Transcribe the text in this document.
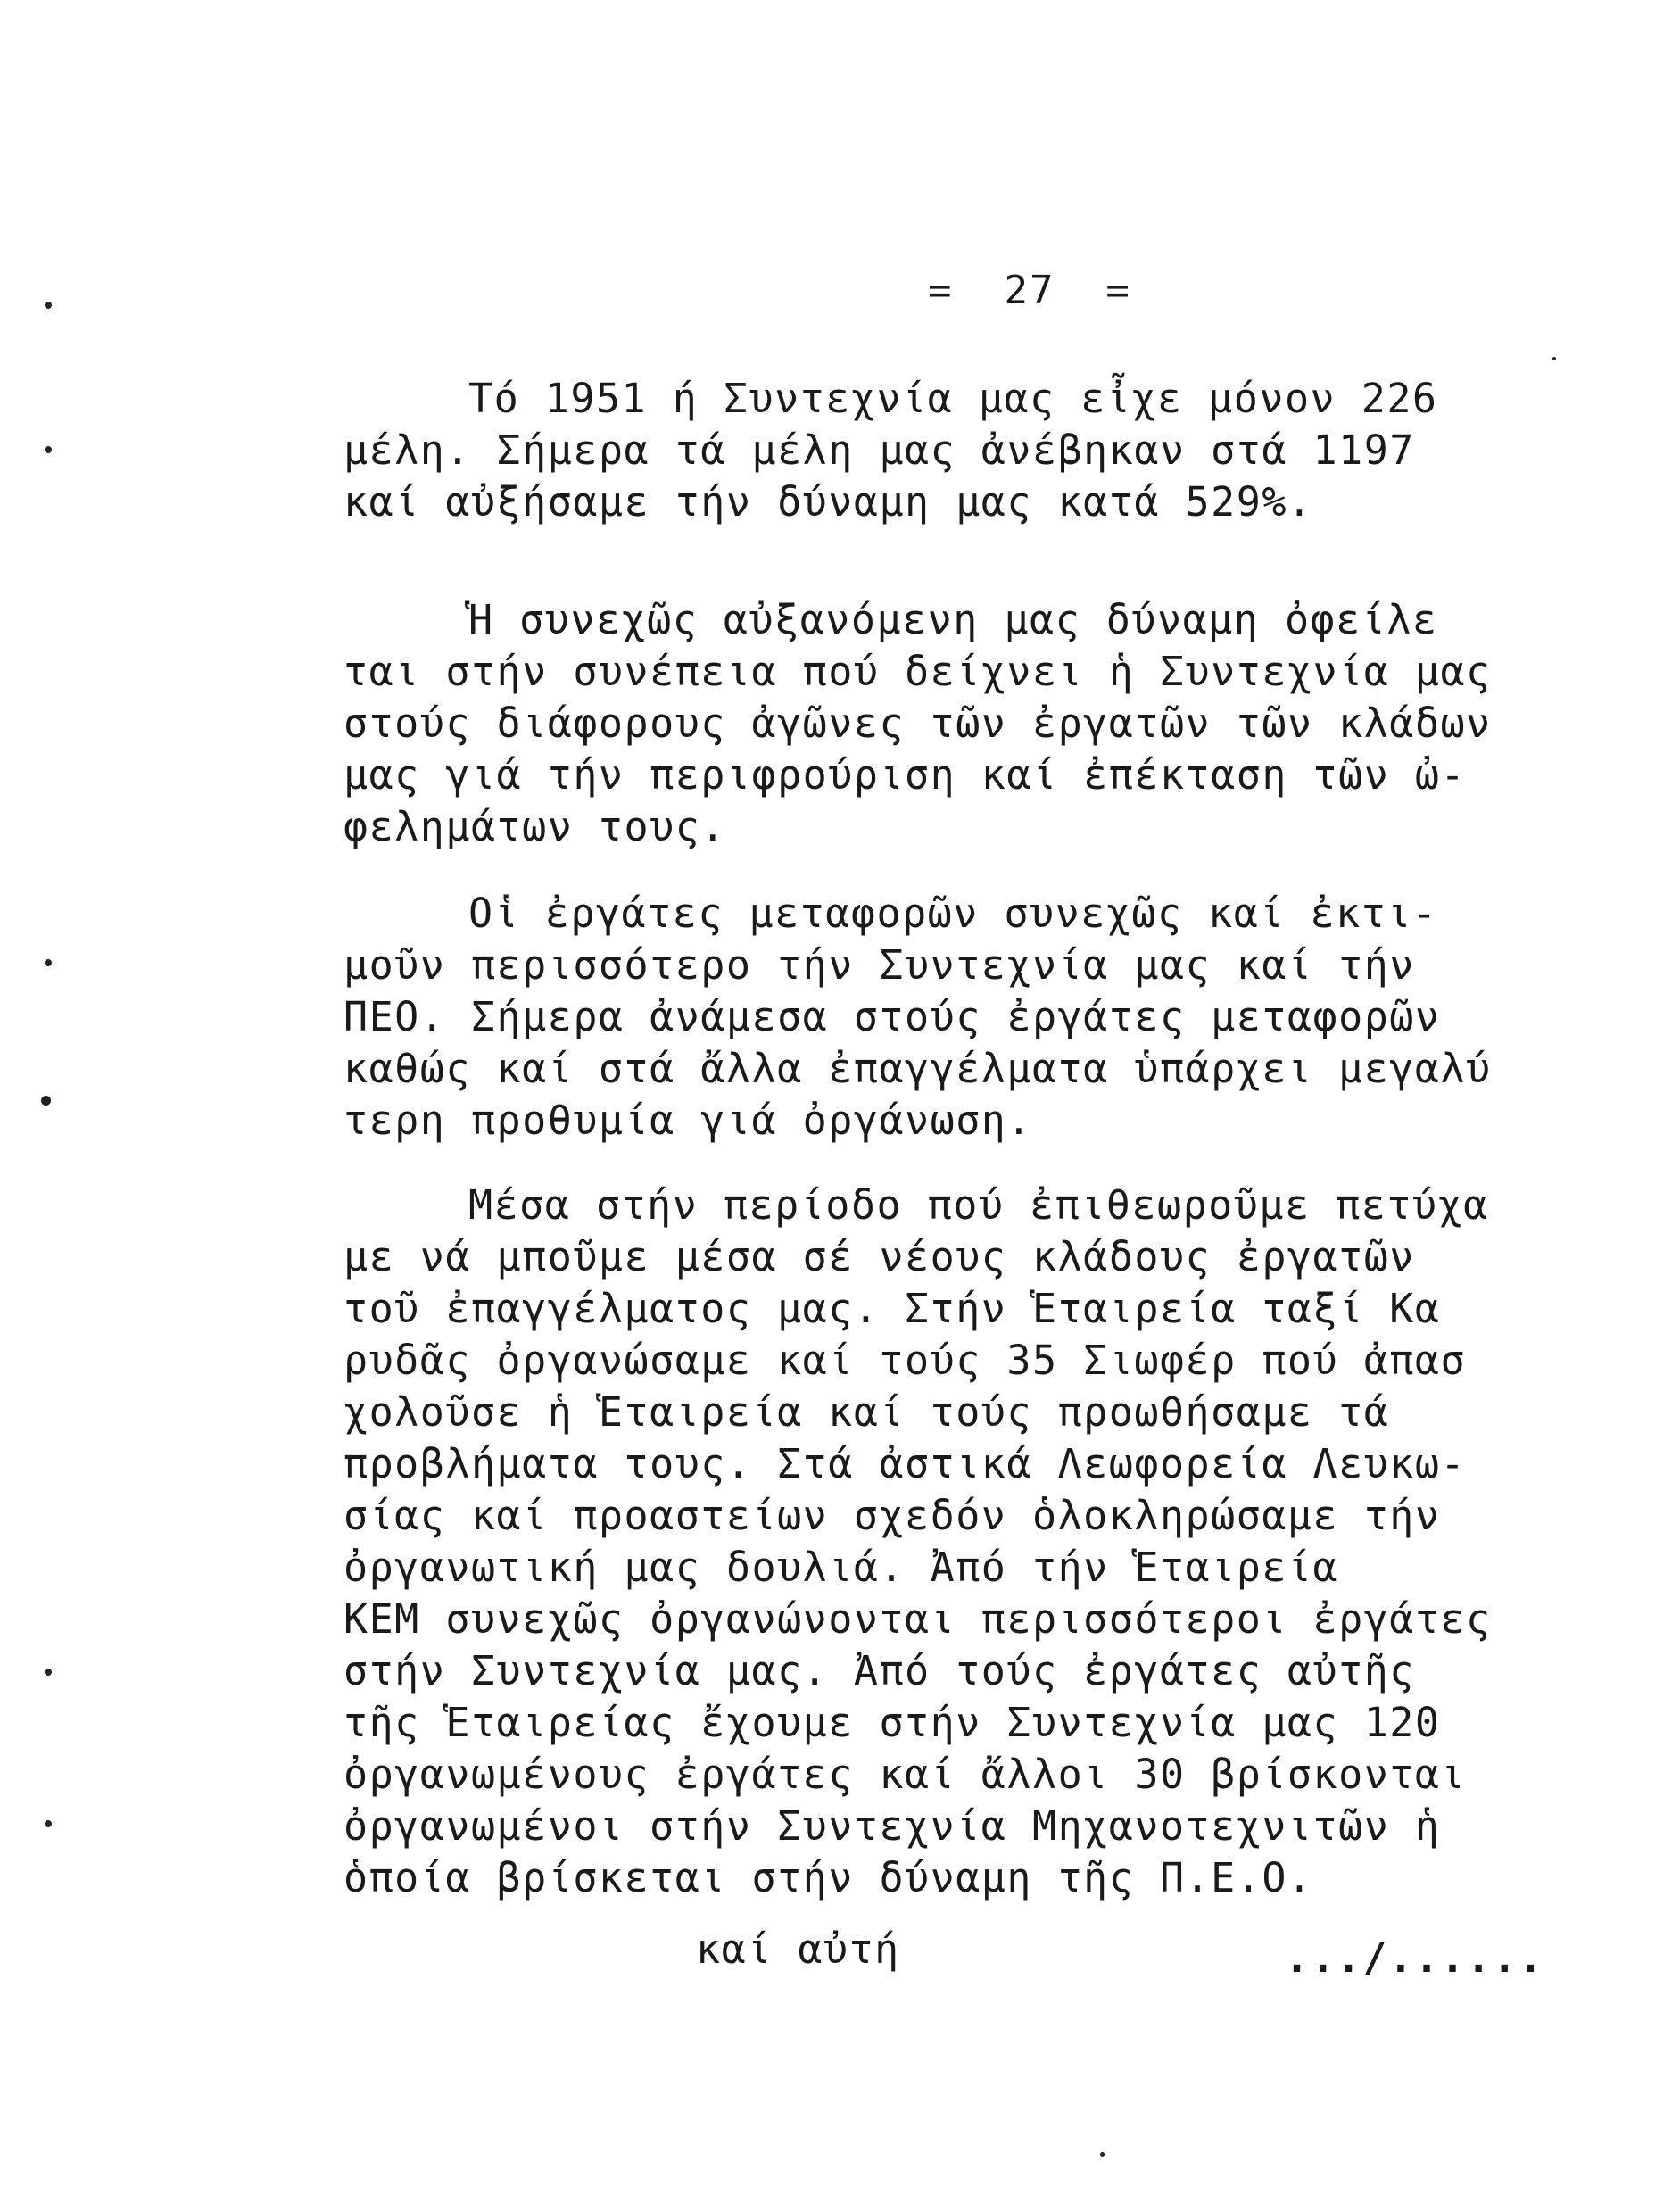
=  27  =
Τό 1951 ή Συντεχνία μας εἶχε μόνον 226
μέλη. Σήμερα τά μέλη μας ἀνέβηκαν στά 1197
καί αὐξήσαμε τήν δύναμη μας κατά 529%.
Ἡ συνεχῶς αὐξανόμενη μας δύναμη ὀφείλε
ται στήν συνέπεια πού δείχνει ἡ Συντεχνία μας
στούς διάφορους ἀγῶνες τῶν ἐργατῶν τῶν κλάδων
μας γιά τήν περιφρούριση καί ἐπέκταση τῶν ὠ-
φελημάτων τους.
Οἱ ἐργάτες μεταφορῶν συνεχῶς καί ἐκτι-
μοῦν περισσότερο τήν Συντεχνία μας καί τήν
ΠΕΟ. Σήμερα ἀνάμεσα στούς ἐργάτες μεταφορῶν
καθώς καί στά ἄλλα ἐπαγγέλματα ὑπάρχει μεγαλύ
τερη προθυμία γιά ὀργάνωση.
Μέσα στήν περίοδο πού ἐπιθεωροῦμε πετύχα
με νά μποῦμε μέσα σέ νέους κλάδους ἐργατῶν
τοῦ ἐπαγγέλματος μας. Στήν Ἑταιρεία ταξί Κα
ρυδᾶς ὀργανώσαμε καί τούς 35 Σιωφέρ πού ἀπασ
χολοῦσε ἡ Ἑταιρεία καί τούς προωθήσαμε τά
προβλήματα τους. Στά ἀστικά Λεωφορεία Λευκω-
σίας καί προαστείων σχεδόν ὁλοκληρώσαμε τήν
ὀργανωτική μας δουλιά. Ἀπό τήν Ἑταιρεία
ΚΕΜ συνεχῶς ὀργανώνονται περισσότεροι ἐργάτες
στήν Συντεχνία μας. Ἀπό τούς ἐργάτες αὐτῆς
τῆς Ἑταιρείας ἔχουμε στήν Συντεχνία μας 120
ὀργανωμένους ἐργάτες καί ἄλλοι 30 βρίσκονται
ὀργανωμένοι στήν Συντεχνία Μηχανοτεχνιτῶν ἡ
ὁποία βρίσκεται στήν δύναμη τῆς Π.Ε.Ο.
καί αὐτή	.../......
